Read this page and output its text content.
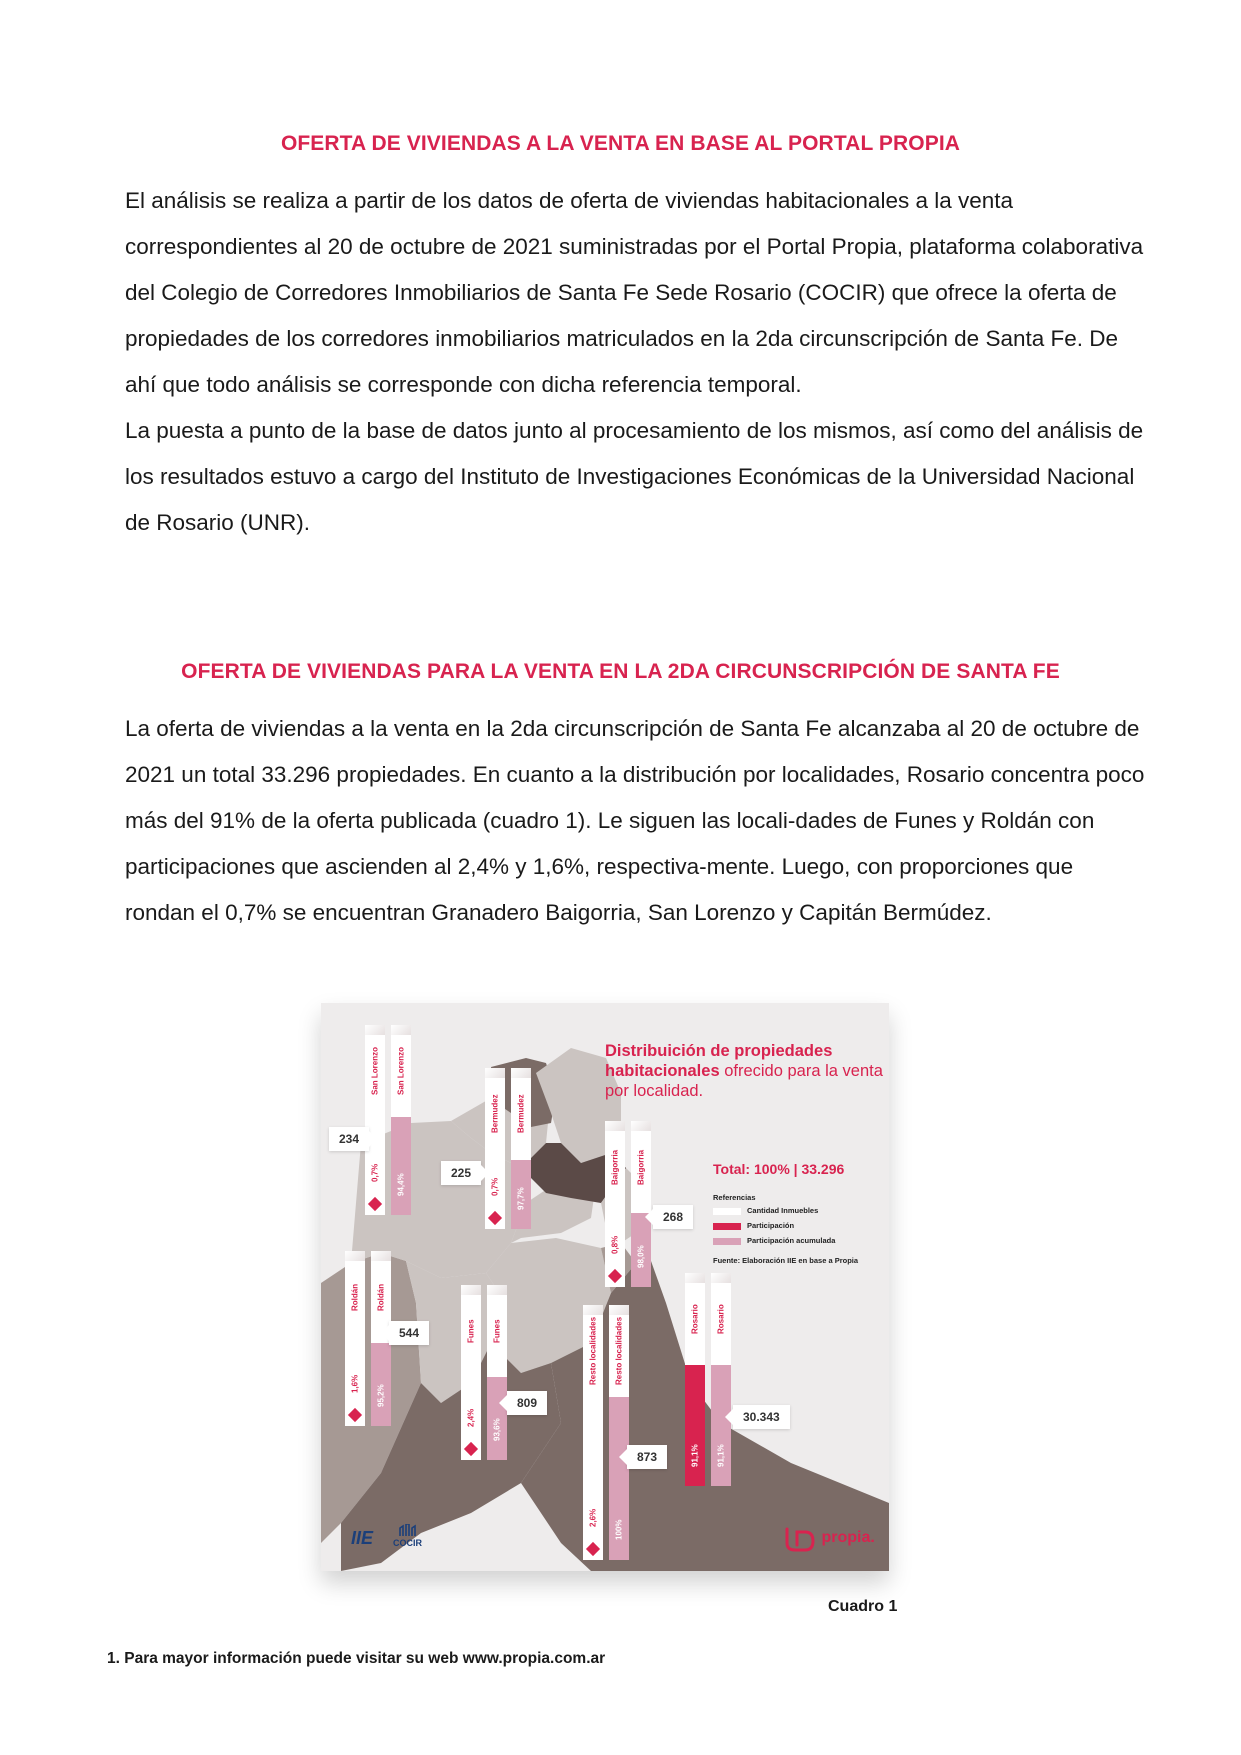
OFERTA DE VIVIENDAS A LA VENTA EN BASE AL PORTAL PROPIA

El análisis se realiza a partir de los datos de oferta de viviendas habitacionales a la venta correspondientes al 20 de octubre de 2021 suministradas por el Portal Propia, plataforma colaborativa del Colegio de Corredores Inmobiliarios de Santa Fe Sede Rosario (COCIR) que ofrece la oferta de propiedades de los corredores inmobiliarios matriculados en la 2da circunscripción de Santa Fe. De ahí que todo análisis se corresponde con dicha referencia temporal.

La puesta a punto de la base de datos junto al procesamiento de los mismos, así como del análisis de los resultados estuvo a cargo del Instituto de Investigaciones Económicas de la Universidad Nacional de Rosario (UNR).

OFERTA DE VIVIENDAS PARA LA VENTA EN LA 2DA CIRCUNSCRIPCIÓN DE SANTA FE

La oferta de viviendas a la venta en la 2da circunscripción de Santa Fe alcanzaba al 20 de octubre de 2021 un total 33.296 propiedades. En cuanto a la distribución por localidades, Rosario concentra poco más del 91% de la oferta publicada (cuadro 1). Le siguen las locali-dades de Funes y Roldán con participaciones que ascienden al 2,4% y 1,6%, respectiva-mente. Luego, con proporciones que rondan el 0,7% se encuentran Granadero Baigorria, San Lorenzo y Capitán Bermúdez.

Distribuición de propiedades habitacionales ofrecido para la venta por localidad.
Total: 100% | 33.296
Referencias
Cantidad Inmuebles
Participación
Participación acumulada
Fuente: Elaboración IIE en base a Propia
San Lorenzo
0,7%
San Lorenzo
94,4%
234
Bermudez
0,7%
Bermudez
97,7%
225	Baigorria
0,8%
Baigorria
98,0%
268
Roldán
1,6%
Roldán
95,2%
544	Funes
2,4%
Funes
93,6%
809
Resto localidades
2,6%
Resto localidades
100%
873
Rosario
91,1%
Rosario
91,1%
30.343
IIE COCIR	propia.
Cuadro 1
1. Para mayor información puede visitar su web www.propia.com.ar
